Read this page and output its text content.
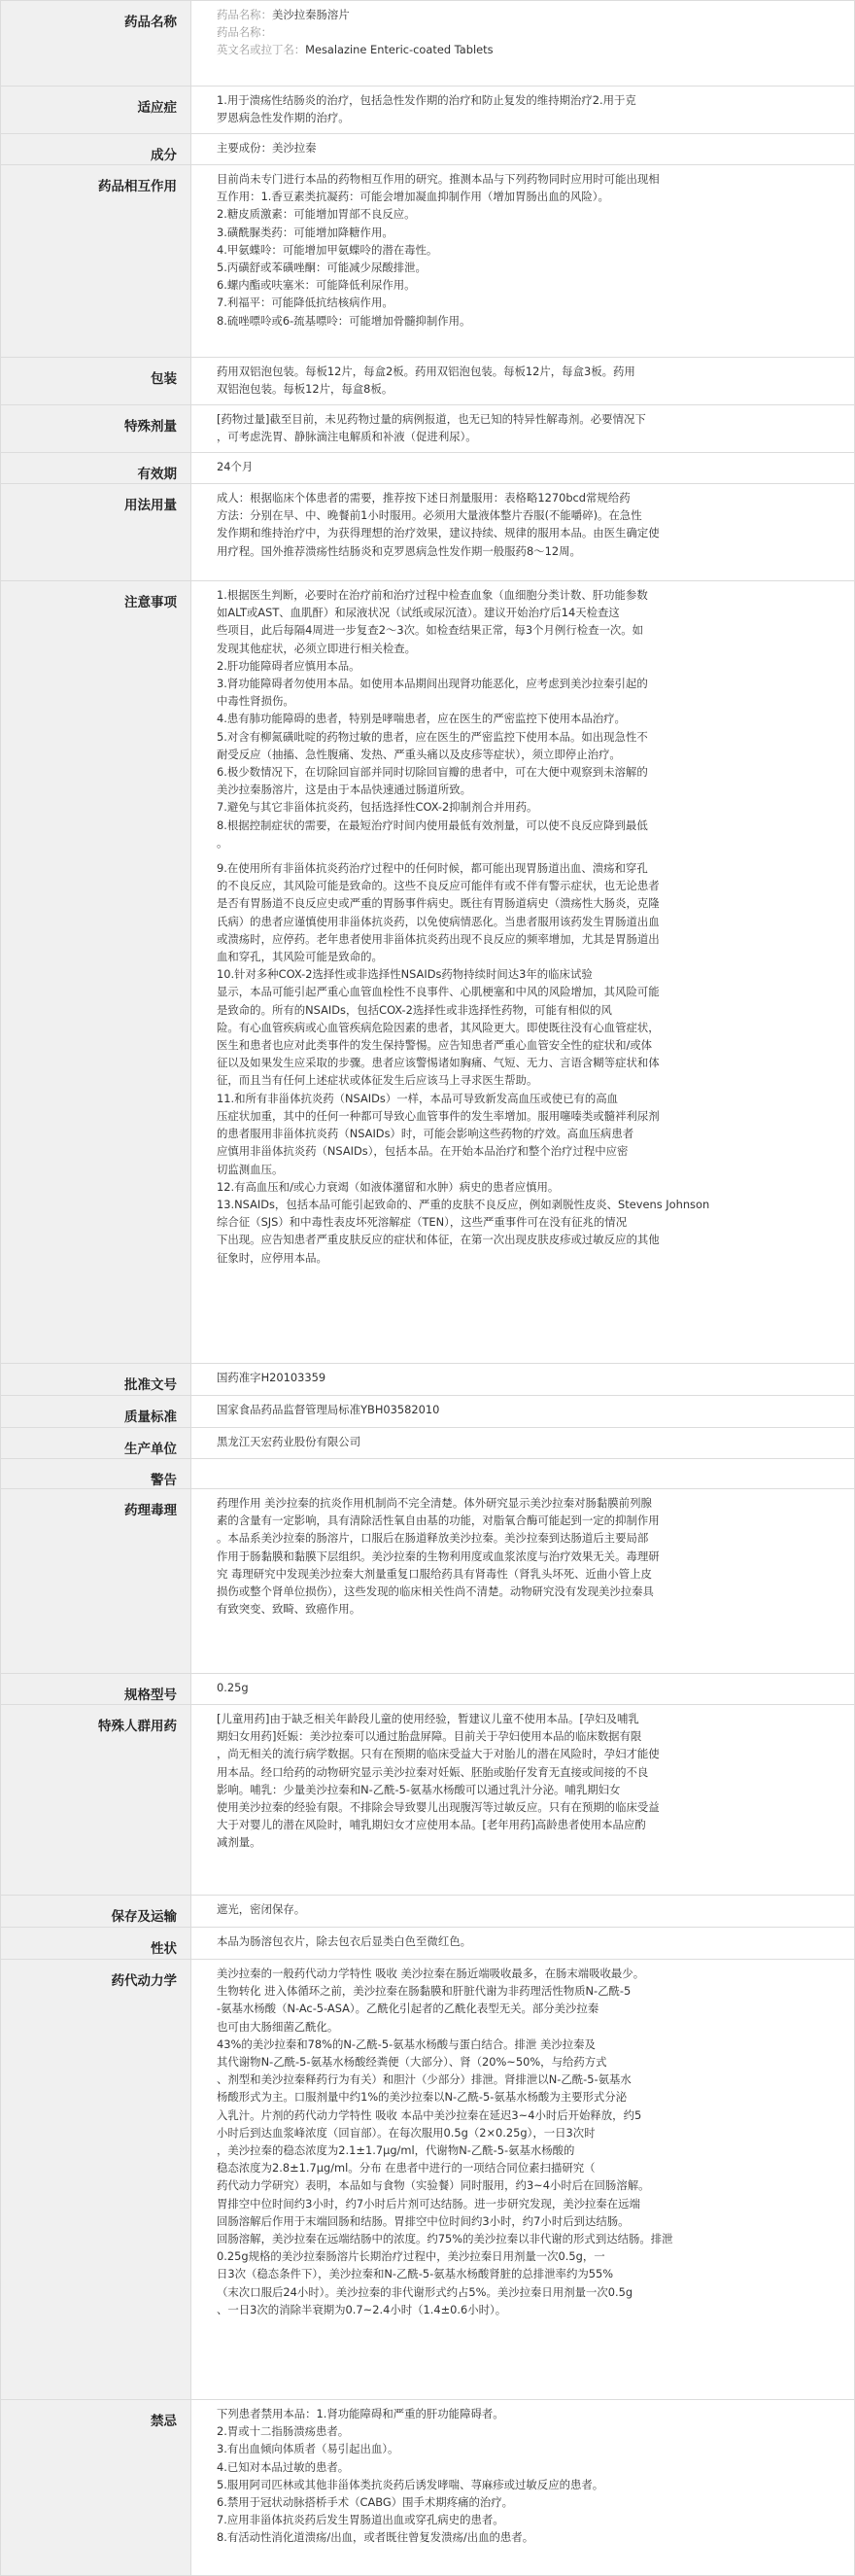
药品名称	药品名称：美沙拉秦肠溶片
药品名称：
英文名或拉丁名：Mesalazine Enteric-coated Tablets
适应症	1.用于溃疡性结肠炎的治疗，包括急性发作期的治疗和防止复发的维持期治疗2.用于克
罗恩病急性发作期的治疗。
成分	主要成份：美沙拉秦
药品相互作用	目前尚未专门进行本品的药物相互作用的研究。推测本品与下列药物同时应用时可能出现相
互作用：1.香豆素类抗凝药：可能会增加凝血抑制作用（增加胃肠出血的风险）。
2.糖皮质激素：可能增加胃部不良反应。
3.磺酰脲类药：可能增加降糖作用。
4.甲氨蝶呤：可能增加甲氨蝶呤的潜在毒性。
5.丙磺舒或苯磺唑酮：可能减少尿酸排泄。
6.螺内酯或呋塞米：可能降低利尿作用。
7.利福平：可能降低抗结核病作用。
8.硫唑嘌呤或6-巯基嘌呤：可能增加骨髓抑制作用。
包装	药用双铝泡包装。每板12片，每盒2板。药用双铝泡包装。每板12片，每盒3板。药用
双铝泡包装。每板12片，每盒8板。
特殊剂量	[药物过量]截至目前，未见药物过量的病例报道，也无已知的特异性解毒剂。必要情况下
，可考虑洗胃、静脉滴注电解质和补液（促进利尿）。
有效期	24个月
用法用量	成人：根据临床个体患者的需要，推荐按下述日剂量服用：表格略1270bcd常规给药
方法：分别在早、中、晚餐前1小时服用。必须用大量液体整片吞服(不能嚼碎)。在急性
发作期和维持治疗中，为获得理想的治疗效果，建议持续、规律的服用本品。由医生确定使
用疗程。国外推荐溃疡性结肠炎和克罗恩病急性发作期一般服药8～12周。
注意事项	1.根据医生判断，必要时在治疗前和治疗过程中检查血象（血细胞分类计数、肝功能参数
如ALT或AST、血肌酐）和尿液状况（试纸或尿沉渣）。建议开始治疗后14天检查这
些项目，此后每隔4周进一步复查2～3次。如检查结果正常，每3个月例行检查一次。如
发现其他症状，必须立即进行相关检查。
2.肝功能障碍者应慎用本品。
3.肾功能障碍者勿使用本品。如使用本品期间出现肾功能恶化，应考虑到美沙拉秦引起的
中毒性肾损伤。
4.患有肺功能障碍的患者，特别是哮喘患者，应在医生的严密监控下使用本品治疗。
5.对含有柳氮磺吡啶的药物过敏的患者，应在医生的严密监控下使用本品。如出现急性不
耐受反应（抽搐、急性腹痛、发热、严重头痛以及皮疹等症状），须立即停止治疗。
6.极少数情况下，在切除回盲部并同时切除回盲瓣的患者中，可在大便中观察到未溶解的
美沙拉秦肠溶片，这是由于本品快速通过肠道所致。
7.避免与其它非甾体抗炎药，包括选择性COX-2抑制剂合并用药。
8.根据控制症状的需要，在最短治疗时间内使用最低有效剂量，可以使不良反应降到最低
。
9.在使用所有非甾体抗炎药治疗过程中的任何时候，都可能出现胃肠道出血、溃疡和穿孔
的不良反应，其风险可能是致命的。这些不良反应可能伴有或不伴有警示症状，也无论患者
是否有胃肠道不良反应史或严重的胃肠事件病史。既往有胃肠道病史（溃疡性大肠炎，克隆
氏病）的患者应谨慎使用非甾体抗炎药，以免使病情恶化。当患者服用该药发生胃肠道出血
或溃疡时，应停药。老年患者使用非甾体抗炎药出现不良反应的频率增加，尤其是胃肠道出
血和穿孔，其风险可能是致命的。
10.针对多种COX-2选择性或非选择性NSAIDs药物持续时间达3年的临床试验
显示，本品可能引起严重心血管血栓性不良事件、心肌梗塞和中风的风险增加，其风险可能
是致命的。所有的NSAIDs，包括COX-2选择性或非选择性药物，可能有相似的风
险。有心血管疾病或心血管疾病危险因素的患者，其风险更大。即使既往没有心血管症状，
医生和患者也应对此类事件的发生保持警惕。应告知患者严重心血管安全性的症状和/或体
征以及如果发生应采取的步骤。患者应该警惕诸如胸痛、气短、无力、言语含糊等症状和体
征，而且当有任何上述症状或体征发生后应该马上寻求医生帮助。
11.和所有非甾体抗炎药（NSAIDs）一样，本品可导致新发高血压或使已有的高血
压症状加重，其中的任何一种都可导致心血管事件的发生率增加。服用噻嗪类或髓袢利尿剂
的患者服用非甾体抗炎药（NSAIDs）时，可能会影响这些药物的疗效。高血压病患者
应慎用非甾体抗炎药（NSAIDs），包括本品。在开始本品治疗和整个治疗过程中应密
切监测血压。
12.有高血压和/或心力衰竭（如液体潴留和水肿）病史的患者应慎用。
13.NSAIDs，包括本品可能引起致命的、严重的皮肤不良反应，例如剥脱性皮炎、Stevens Johnson
综合征（SJS）和中毒性表皮坏死溶解症（TEN），这些严重事件可在没有征兆的情况
下出现。应告知患者严重皮肤反应的症状和体征，在第一次出现皮肤皮疹或过敏反应的其他
征象时，应停用本品。
批准文号	国药准字H20103359
质量标准	国家食品药品监督管理局标准YBH03582010
生产单位	黑龙江天宏药业股份有限公司
警告
药理毒理	药理作用 美沙拉秦的抗炎作用机制尚不完全清楚。体外研究显示美沙拉秦对肠黏膜前列腺
素的含量有一定影响，具有清除活性氧自由基的功能，对脂氧合酶可能起到一定的抑制作用
。本品系美沙拉秦的肠溶片，口服后在肠道释放美沙拉秦。美沙拉秦到达肠道后主要局部
作用于肠黏膜和黏膜下层组织。美沙拉秦的生物利用度或血浆浓度与治疗效果无关。毒理研
究 毒理研究中发现美沙拉秦大剂量重复口服给药具有肾毒性（肾乳头坏死、近曲小管上皮
损伤或整个肾单位损伤），这些发现的临床相关性尚不清楚。动物研究没有发现美沙拉秦具
有致突变、致畸、致癌作用。
规格型号	0.25g
特殊人群用药	[儿童用药]由于缺乏相关年龄段儿童的使用经验，暂建议儿童不使用本品。[孕妇及哺乳
期妇女用药]妊娠：美沙拉秦可以通过胎盘屏障。目前关于孕妇使用本品的临床数据有限
，尚无相关的流行病学数据。只有在预期的临床受益大于对胎儿的潜在风险时，孕妇才能使
用本品。经口给药的动物研究显示美沙拉秦对妊娠、胚胎或胎仔发育无直接或间接的不良
影响。哺乳：少量美沙拉秦和N-乙酰-5-氨基水杨酸可以通过乳汁分泌。哺乳期妇女
使用美沙拉秦的经验有限。不排除会导致婴儿出现腹泻等过敏反应。只有在预期的临床受益
大于对婴儿的潜在风险时，哺乳期妇女才应使用本品。[老年用药]高龄患者使用本品应酌
减剂量。
保存及运输	遮光，密闭保存。
性状	本品为肠溶包衣片，除去包衣后显类白色至微红色。
药代动力学	美沙拉秦的一般药代动力学特性 吸收 美沙拉秦在肠近端吸收最多，在肠末端吸收最少。
生物转化 进入体循环之前，美沙拉秦在肠黏膜和肝脏代谢为非药理活性物质N-乙酰-5
-氨基水杨酸（N-Ac-5-ASA）。乙酰化引起者的乙酰化表型无关。部分美沙拉秦
也可由大肠细菌乙酰化。
43%的美沙拉秦和78%的N-乙酰-5-氨基水杨酸与蛋白结合。排泄 美沙拉秦及
其代谢物N-乙酰-5-氨基水杨酸经粪便（大部分）、肾（20%~50%，与给药方式
、剂型和美沙拉秦释药行为有关）和胆汁（少部分）排泄。肾排泄以N-乙酰-5-氨基水
杨酸形式为主。口服剂量中约1%的美沙拉秦以N-乙酰-5-氨基水杨酸为主要形式分泌
入乳汁。片剂的药代动力学特性 吸收 本品中美沙拉秦在延迟3~4小时后开始释放，约5
小时后到达血浆峰浓度（回盲部）。在每次服用0.5g（2×0.25g），一日3次时
，美沙拉秦的稳态浓度为2.1±1.7μg/ml，代谢物N-乙酰-5-氨基水杨酸的
稳态浓度为2.8±1.7μg/ml。分布 在患者中进行的一项结合同位素扫描研究（
药代动力学研究）表明，本品如与食物（实验餐）同时服用，约3~4小时后在回肠溶解。
胃排空中位时间约3小时，约7小时后片剂可达结肠。进一步研究发现，美沙拉秦在远端
回肠溶解后作用于末端回肠和结肠。胃排空中位时间约3小时，约7小时后到达结肠。
回肠溶解，美沙拉秦在远端结肠中的浓度。约75%的美沙拉秦以非代谢的形式到达结肠。排泄
0.25g规格的美沙拉秦肠溶片长期治疗过程中，美沙拉秦日用剂量一次0.5g，一
日3次（稳态条件下），美沙拉秦和N-乙酰-5-氨基水杨酸肾脏的总排泄率约为55%
（末次口服后24小时）。美沙拉秦的非代谢形式约占5%。美沙拉秦日用剂量一次0.5g
、一日3次的消除半衰期为0.7~2.4小时（1.4±0.6小时）。
禁忌	下列患者禁用本品：1.肾功能障碍和严重的肝功能障碍者。
2.胃或十二指肠溃疡患者。
3.有出血倾向体质者（易引起出血）。
4.已知对本品过敏的患者。
5.服用阿司匹林或其他非甾体类抗炎药后诱发哮喘、荨麻疹或过敏反应的患者。
6.禁用于冠状动脉搭桥手术（CABG）围手术期疼痛的治疗。
7.应用非甾体抗炎药后发生胃肠道出血或穿孔病史的患者。
8.有活动性消化道溃疡/出血，或者既往曾复发溃疡/出血的患者。
